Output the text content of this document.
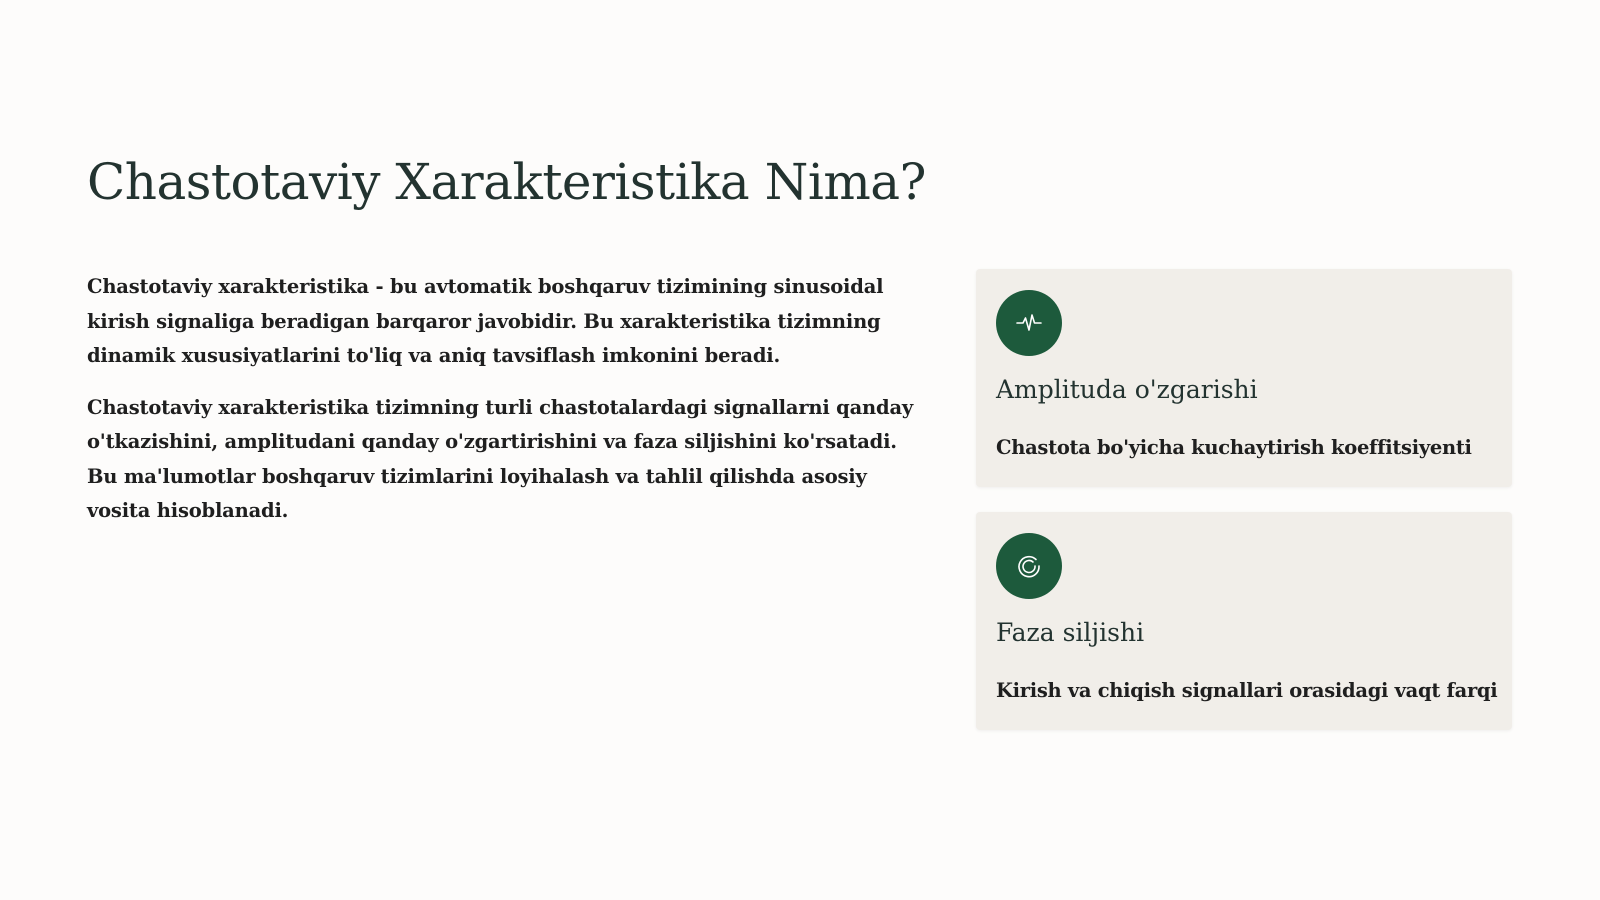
Chastotaviy Xarakteristika Nima?

Chastotaviy xarakteristika - bu avtomatik boshqaruv tizimining sinusoidal kirish signaliga beradigan barqaror javobidir. Bu xarakteristika tizimning dinamik xususiyatlarini to'liq va aniq tavsiflash imkonini beradi.

Chastotaviy xarakteristika tizimning turli chastotalardagi signallarni qanday o'tkazishini, amplitudani qanday o'zgartirishini va faza siljishini ko'rsatadi. Bu ma'lumotlar boshqaruv tizimlarini loyihalash va tahlil qilishda asosiy vosita hisoblanadi.

Amplituda o'zgarishi

Chastota bo'yicha kuchaytirish koeffitsiyenti

Faza siljishi

Kirish va chiqish signallari orasidagi vaqt farqi
